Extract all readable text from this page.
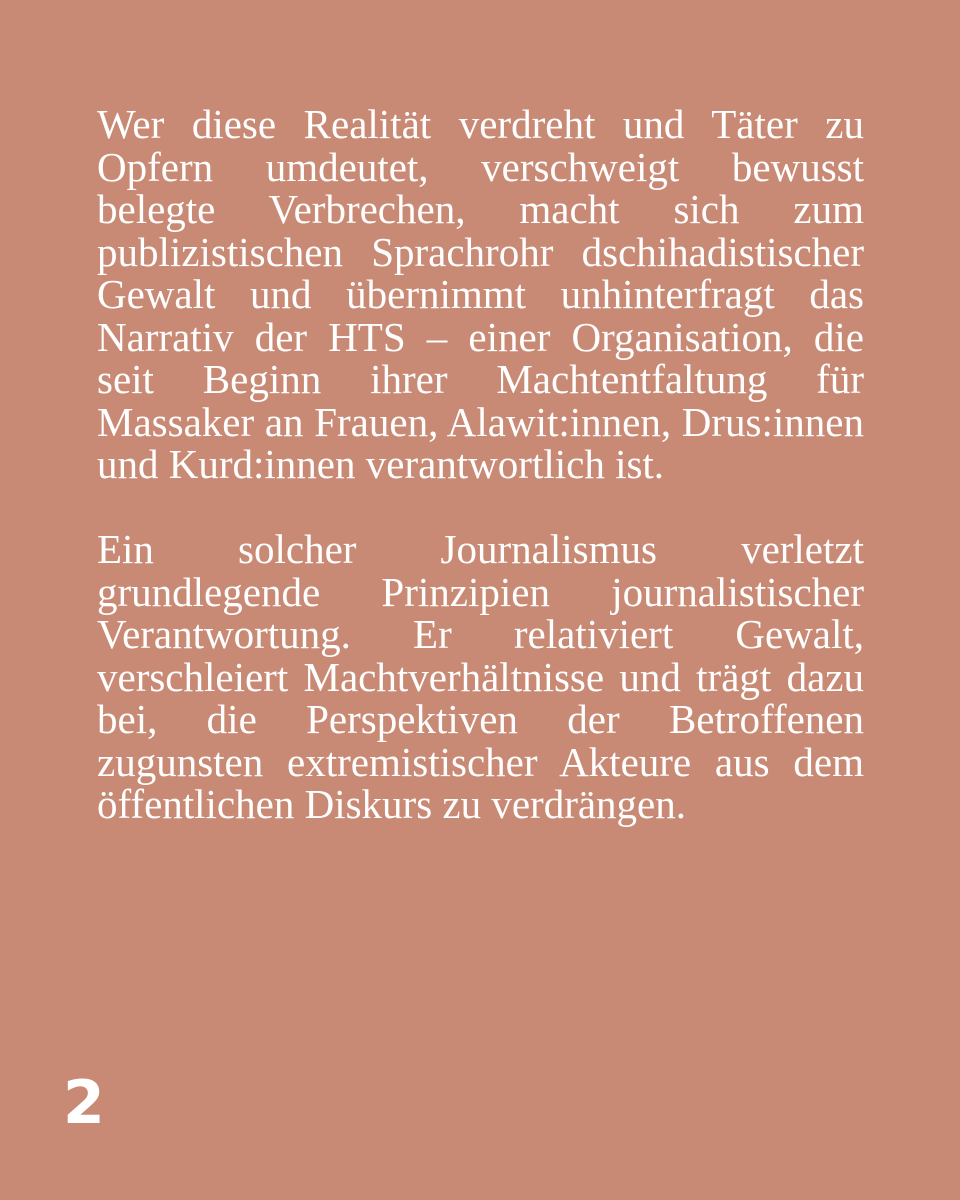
Wer diese Realität verdreht und Täter zu Opfern umdeutet, verschweigt bewusst belegte Verbrechen, macht sich zum publizistischen Sprachrohr dschihadistischer Gewalt und übernimmt unhinterfragt das Narrativ der HTS – einer Organisation, die seit Beginn ihrer Machtentfaltung für Massaker an Frauen, Alawit:innen, Drus:innen und Kurd:innen verantwortlich ist.

Ein solcher Journalismus verletzt grundlegende Prinzipien journalistischer Verantwortung. Er relativiert Gewalt, verschleiert Machtverhältnisse und trägt dazu bei, die Perspektiven der Betroffenen zugunsten extremistischer Akteure aus dem öffentlichen Diskurs zu verdrängen.

2
